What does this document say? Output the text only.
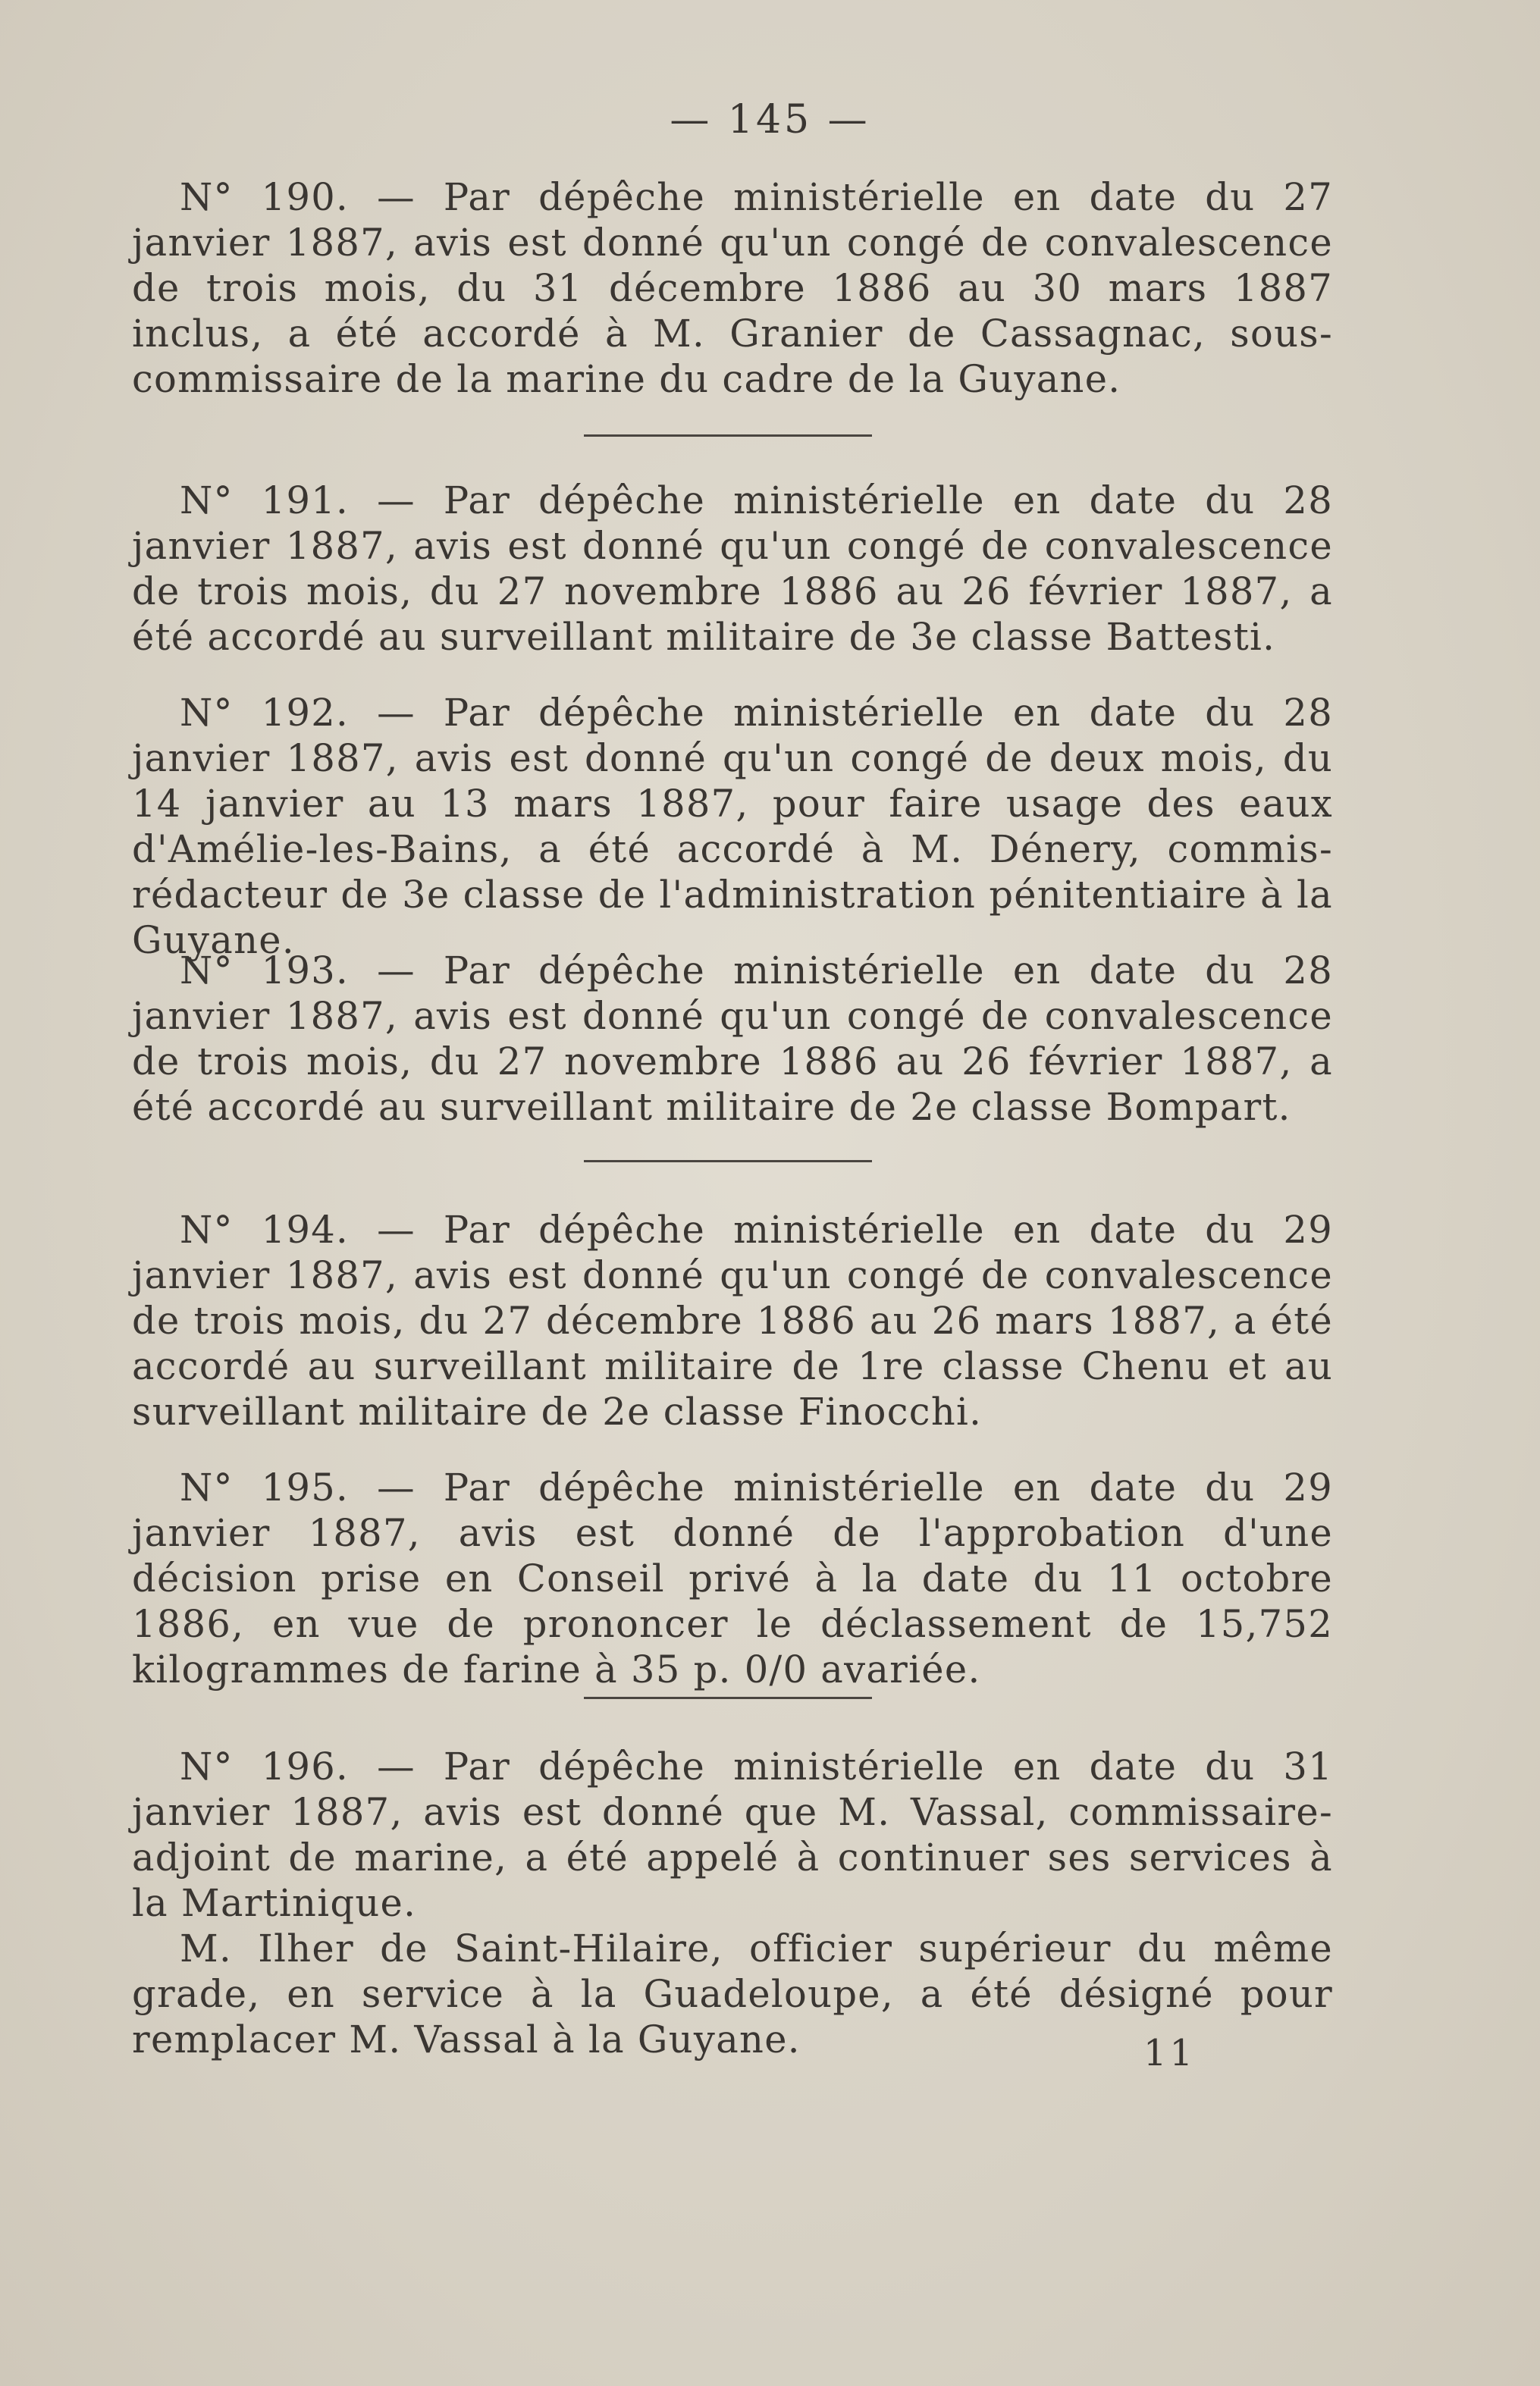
— 145 —

N° 190. — Par dépêche ministérielle en date du 27 janvier 1887, avis est donné qu'un congé de convalescence de trois mois, du 31 décembre 1886 au 30 mars 1887 inclus, a été accordé à M. Granier de Cassagnac, sous-commissaire de la marine du cadre de la Guyane.

N° 191. — Par dépêche ministérielle en date du 28 janvier 1887, avis est donné qu'un congé de convalescence de trois mois, du 27 novembre 1886 au 26 février 1887, a été accordé au surveillant militaire de 3e classe Battesti.

N° 192. — Par dépêche ministérielle en date du 28 janvier 1887, avis est donné qu'un congé de deux mois, du 14 janvier au 13 mars 1887, pour faire usage des eaux d'Amélie-les-Bains, a été accordé à M. Dénery, commis-rédacteur de 3e classe de l'administration pénitentiaire à la Guyane.

N° 193. — Par dépêche ministérielle en date du 28 janvier 1887, avis est donné qu'un congé de convalescence de trois mois, du 27 novembre 1886 au 26 février 1887, a été accordé au surveillant militaire de 2e classe Bompart.

N° 194. — Par dépêche ministérielle en date du 29 janvier 1887, avis est donné qu'un congé de convalescence de trois mois, du 27 décembre 1886 au 26 mars 1887, a été accordé au surveillant militaire de 1re classe Chenu et au surveillant militaire de 2e classe Finocchi.

N° 195. — Par dépêche ministérielle en date du 29 janvier 1887, avis est donné de l'approbation d'une décision prise en Conseil privé à la date du 11 octobre 1886, en vue de prononcer le déclassement de 15,752 kilogrammes de farine à 35 p. 0/0 avariée.

N° 196. — Par dépêche ministérielle en date du 31 janvier 1887, avis est donné que M. Vassal, commissaire-adjoint de marine, a été appelé à continuer ses services à la Martinique.

M. Ilher de Saint-Hilaire, officier supérieur du même grade, en service à la Guadeloupe, a été désigné pour remplacer M. Vassal à la Guyane.	11
